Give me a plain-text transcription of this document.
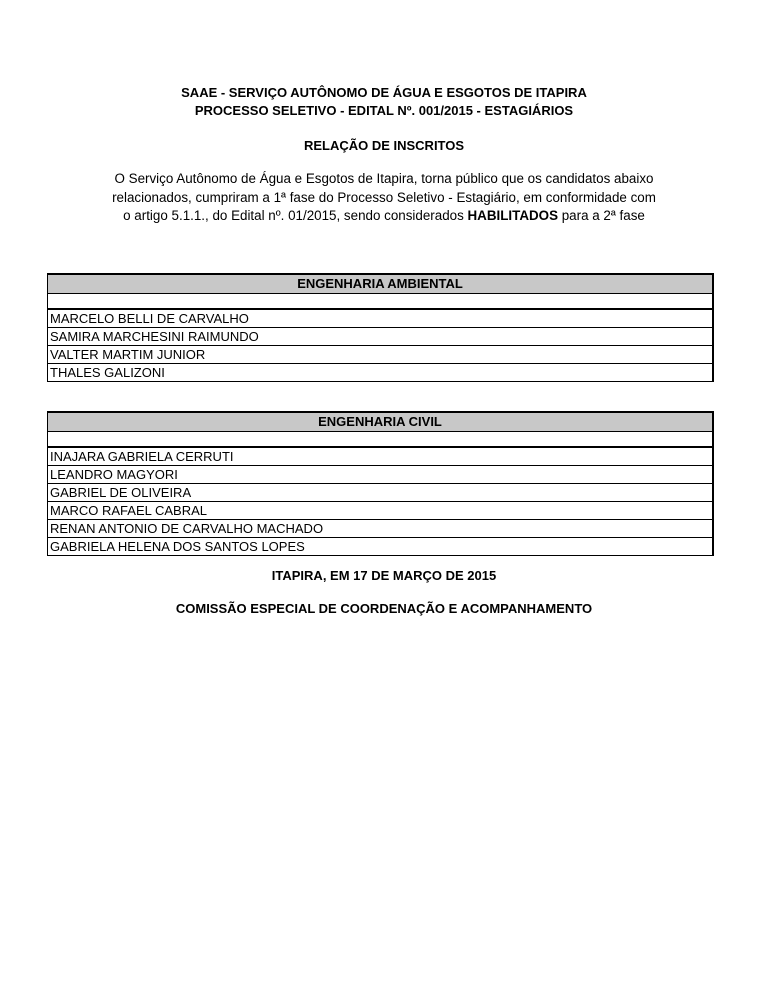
SAAE - SERVIÇO AUTÔNOMO DE ÁGUA E ESGOTOS DE ITAPIRA
PROCESSO SELETIVO - EDITAL Nº. 001/2015 - ESTAGIÁRIOS
RELAÇÃO DE INSCRITOS
O Serviço Autônomo de Água e Esgotos de Itapira, torna público que os candidatos abaixo
relacionados, cumpriram a 1ª fase do Processo Seletivo - Estagiário, em conformidade com
o artigo 5.1.1., do Edital nº. 01/2015, sendo considerados HABILITADOS para a 2ª fase
ENGENHARIA AMBIENTAL
MARCELO BELLI DE CARVALHO
SAMIRA MARCHESINI RAIMUNDO
VALTER MARTIM JUNIOR
THALES GALIZONI
ENGENHARIA CIVIL
INAJARA GABRIELA CERRUTI
LEANDRO MAGYORI
GABRIEL DE OLIVEIRA
MARCO RAFAEL CABRAL
RENAN ANTONIO DE CARVALHO MACHADO
GABRIELA HELENA DOS SANTOS LOPES
ITAPIRA, EM 17 DE MARÇO DE 2015
COMISSÃO ESPECIAL DE COORDENAÇÃO E ACOMPANHAMENTO
